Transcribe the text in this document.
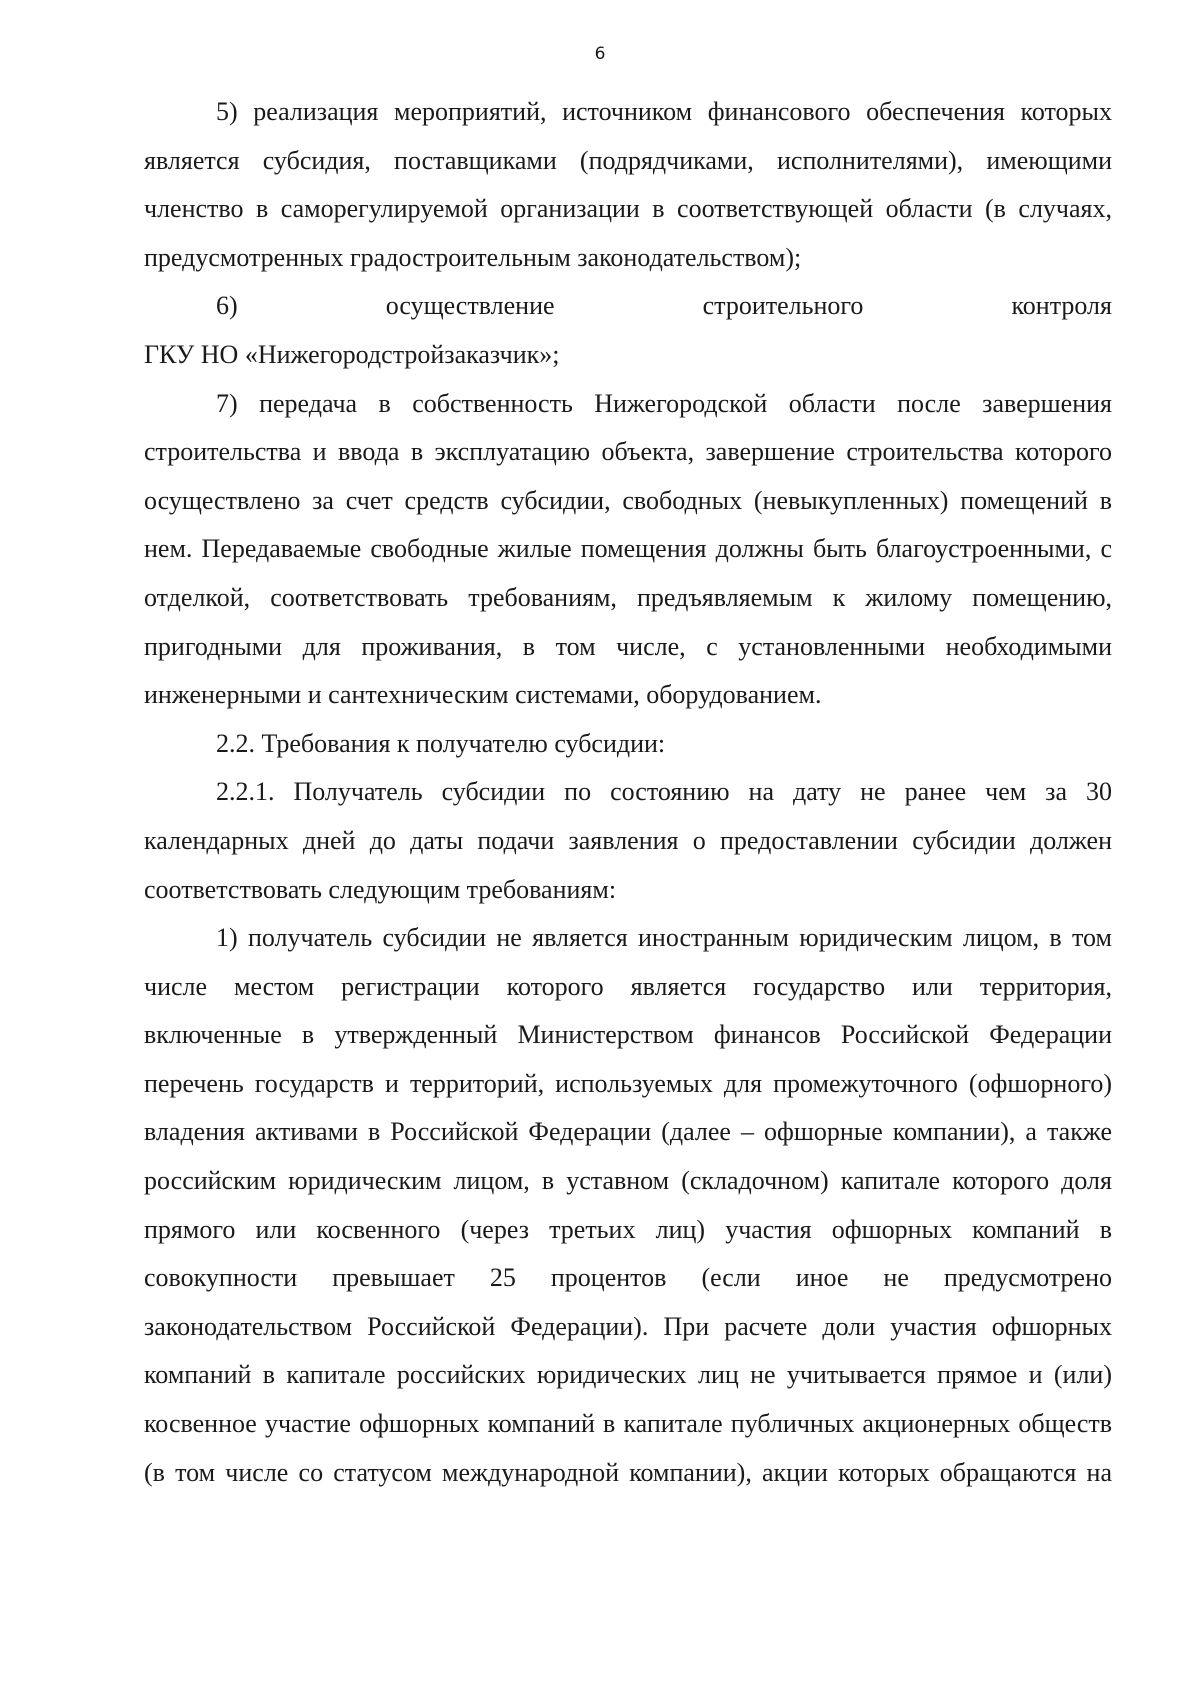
6

5) реализация мероприятий, источником финансового обеспечения которых является субсидия, поставщиками (подрядчиками, исполнителями), имеющими членство в саморегулируемой организации в соответствующей области (в случаях, предусмотренных градостроительным законодательством);

6) осуществление строительного контроля

ГКУ НО «Нижегородстройзаказчик»;

7) передача в собственность Нижегородской области после завершения строительства и ввода в эксплуатацию объекта, завершение строительства которого осуществлено за счет средств субсидии, свободных (невыкупленных) помещений в нем. Передаваемые свободные жилые помещения должны быть благоустроенными, с отделкой, соответствовать требованиям, предъявляемым к жилому помещению, пригодными для проживания, в том числе, с установленными необходимыми инженерными и сантехническим системами, оборудованием.

2.2. Требования к получателю субсидии:

2.2.1. Получатель субсидии по состоянию на дату не ранее чем за 30 календарных дней до даты подачи заявления о предоставлении субсидии должен соответствовать следующим требованиям:

1) получатель субсидии не является иностранным юридическим лицом, в том числе местом регистрации которого является государство или территория, включенные в утвержденный Министерством финансов Российской Федерации перечень государств и территорий, используемых для промежуточного (офшорного) владения активами в Российской Федерации (далее – офшорные компании), а также российским юридическим лицом, в уставном (складочном) капитале которого доля прямого или косвенного (через третьих лиц) участия офшорных компаний в совокупности превышает 25 процентов (если иное не предусмотрено законодательством Российской Федерации). При расчете доли участия офшорных компаний в капитале российских юридических лиц не учитывается прямое и (или) косвенное участие офшорных компаний в капитале публичных акционерных обществ (в том числе со статусом международной компании), акции которых обращаются на
